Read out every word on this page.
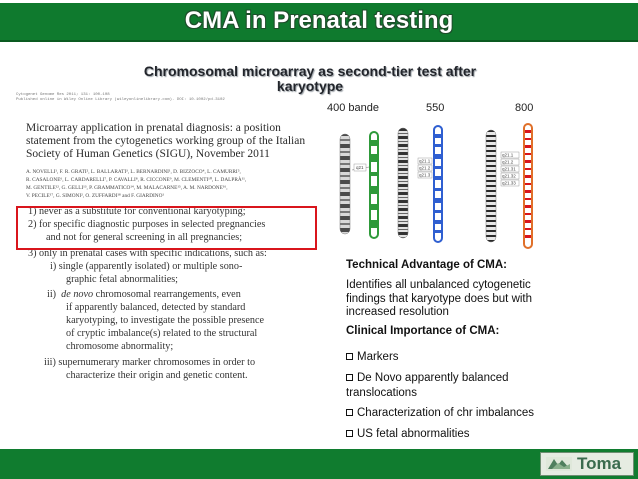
CMA in Prenatal testing
Chromosomal microarray as second-tier test after
karyotype
Cytogenet Genome Res 2011; 131: 100-108
Published online in Wiley Online Library (wileyonlinelibrary.com). DOI: 10.1002/pd.3102
Microarray application in prenatal diagnosis: a position
statement from the cytogenetics working group of the Italian
Society of Human Genetics (SIGU), November 2011
A. NOVELLI¹, F. R. GRATI², L. BALLARATI³, L. BERNARDINI¹, D. BIZZOCO⁴, L. CAMURRI⁵,
R. CASALONE⁶, L. CARDARELLI⁷, P. CAVALLI⁸, R. CICCONE⁹, M. CLEMENTI¹⁰, L. DALPRÀ¹¹,
M. GENTILE¹², G. GELLI¹³, P. GRAMMATICO¹⁴, M. MALACARNE¹⁵, A. M. NARDONE¹⁶,
V. PECILE¹⁷, G. SIMONI², O. ZUFFARDI¹⁸ and F. GIARDINO¹
1) never as a substitute for conventional karyotyping;
2) for specific diagnostic purposes in selected pregnancies
and not for general screening in all pregnancies;
3) only in prenatal cases with specific indications, such as:
i) single (apparently isolated) or multiple sono-
graphic fetal abnormalities;
ii) de novo chromosomal rearrangements, even
if apparently balanced, detected by standard
karyotyping, to investigate the possible presence
of cryptic imbalance(s) related to the structural
chromosome abnormality;
iii) supernumerary marker chromosomes in order to
characterize their origin and genetic content.
400 bande	550	800
q21
q21.1
q21.2
q21.3
q21.1
q21.2
q21.31
q21.32
q21.33
Technical Advantage of CMA:
Identifies all unbalanced cytogenetic
findings that karyotype does but with
increased resolution
Clinical Importance of CMA:
Markers
De Novo apparently balanced
translocations
Characterization of chr imbalances
US fetal abnormalities
Toma
